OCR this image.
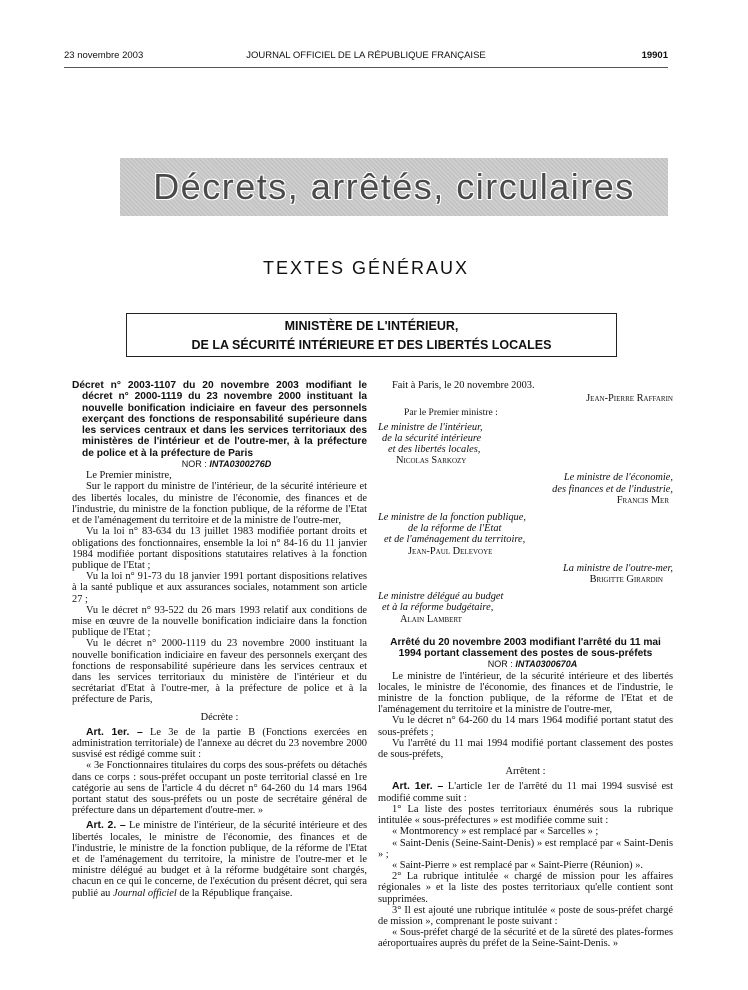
JOURNAL OFFICIEL DE LA RÉPUBLIQUE FRANÇAISE
23 novembre 2003	19901
Décrets, arrêtés, circulaires
TEXTES GÉNÉRAUX
MINISTÈRE DE L'INTÉRIEUR,
DE LA SÉCURITÉ INTÉRIEURE ET DES LIBERTÉS LOCALES

Décret n° 2003-1107 du 20 novembre 2003 modifiant le décret n° 2000-1119 du 23 novembre 2000 instituant la nouvelle bonification indiciaire en faveur des personnels exerçant des fonctions de responsabilité supérieure dans les services centraux et dans les services territoriaux des ministères de l'intérieur et de l'outre-mer, à la préfecture de police et à la préfecture de Paris

NOR : INTA0300276D

Le Premier ministre,

Sur le rapport du ministre de l'intérieur, de la sécurité intérieure et des libertés locales, du ministre de l'économie, des finances et de l'industrie, du ministre de la fonction publique, de la réforme de l'Etat et de l'aménagement du territoire et de la ministre de l'outre-mer,

Vu la loi n° 83-634 du 13 juillet 1983 modifiée portant droits et obligations des fonctionnaires, ensemble la loi n° 84-16 du 11 janvier 1984 modifiée portant dispositions statutaires relatives à la fonction publique de l'Etat ;

Vu la loi n° 91-73 du 18 janvier 1991 portant dispositions relatives à la santé publique et aux assurances sociales, notamment son article 27 ;

Vu le décret n° 93-522 du 26 mars 1993 relatif aux conditions de mise en œuvre de la nouvelle bonification indiciaire dans la fonction publique de l'Etat ;

Vu le décret n° 2000-1119 du 23 novembre 2000 instituant la nouvelle bonification indiciaire en faveur des personnels exerçant des fonctions de responsabilité supérieure dans les services centraux et dans les services territoriaux du ministère de l'intérieur et du secrétariat d'Etat à l'outre-mer, à la préfecture de police et à la préfecture de Paris,

Décrète :

Art. 1er. – Le 3e de la partie B (Fonctions exercées en administration territoriale) de l'annexe au décret du 23 novembre 2000 susvisé est rédigé comme suit :

« 3e Fonctionnaires titulaires du corps des sous-préfets ou détachés dans ce corps : sous-préfet occupant un poste territorial classé en 1re catégorie au sens de l'article 4 du décret n° 64-260 du 14 mars 1964 portant statut des sous-préfets ou un poste de secrétaire général de préfecture dans un département d'outre-mer. »

Art. 2. – Le ministre de l'intérieur, de la sécurité intérieure et des libertés locales, le ministre de l'économie, des finances et de l'industrie, le ministre de la fonction publique, de la réforme de l'Etat et de l'aménagement du territoire, la ministre de l'outre-mer et le ministre délégué au budget et à la réforme budgétaire sont chargés, chacun en ce qui le concerne, de l'exécution du présent décret, qui sera publié au Journal officiel de la République française.

Fait à Paris, le 20 novembre 2003.

Jean-Pierre Raffarin

Par le Premier ministre :

Le ministre de l'intérieur,

de la sécurité intérieure

et des libertés locales,

Nicolas Sarkozy

Le ministre de l'économie,

des finances et de l'industrie,

Francis Mer

Le ministre de la fonction publique,

de la réforme de l'Etat

et de l'aménagement du territoire,

Jean-Paul Delevoye

La ministre de l'outre-mer,

Brigitte Girardin

Le ministre délégué au budget

et à la réforme budgétaire,

Alain Lambert

Arrêté du 20 novembre 2003 modifiant l'arrêté du 11 mai 1994 portant classement des postes de sous-préfets

NOR : INTA0300670A

Le ministre de l'intérieur, de la sécurité intérieure et des libertés locales, le ministre de l'économie, des finances et de l'industrie, le ministre de la fonction publique, de la réforme de l'Etat et de l'aménagement du territoire et la ministre de l'outre-mer,

Vu le décret n° 64-260 du 14 mars 1964 modifié portant statut des sous-préfets ;

Vu l'arrêté du 11 mai 1994 modifié portant classement des postes de sous-préfets,

Arrêtent :

Art. 1er. – L'article 1er de l'arrêté du 11 mai 1994 susvisé est modifié comme suit :

1° La liste des postes territoriaux énumérés sous la rubrique intitulée « sous-préfectures » est modifiée comme suit :

« Montmorency » est remplacé par « Sarcelles » ;

« Saint-Denis (Seine-Saint-Denis) » est remplacé par « Saint-Denis » ;

« Saint-Pierre » est remplacé par « Saint-Pierre (Réunion) ».

2° La rubrique intitulée « chargé de mission pour les affaires régionales » et la liste des postes territoriaux qu'elle contient sont supprimées.

3° Il est ajouté une rubrique intitulée « poste de sous-préfet chargé de mission », comprenant le poste suivant :

« Sous-préfet chargé de la sécurité et de la sûreté des plates-formes aéroportuaires auprès du préfet de la Seine-Saint-Denis. »
